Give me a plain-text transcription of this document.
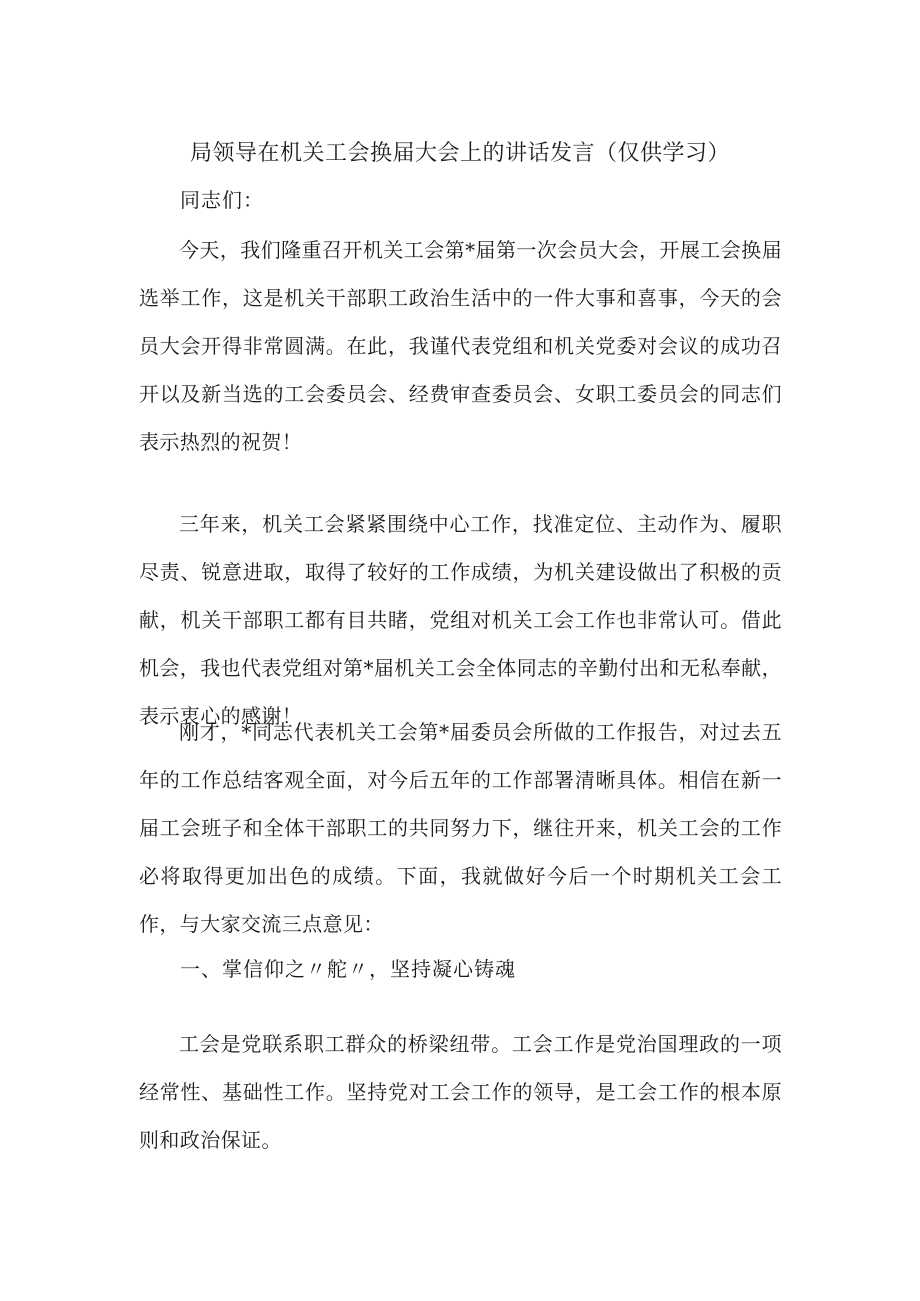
局领导在机关工会换届大会上的讲话发言（仅供学习）
同志们：

今天，我们隆重召开机关工会第*届第一次会员大会，开展工会换届选举工作，这是机关干部职工政治生活中的一件大事和喜事，今天的会员大会开得非常圆满。在此，我谨代表党组和机关党委对会议的成功召开以及新当选的工会委员会、经费审查委员会、女职工委员会的同志们表示热烈的祝贺！

三年来，机关工会紧紧围绕中心工作，找准定位、主动作为、履职尽责、锐意进取，取得了较好的工作成绩，为机关建设做出了积极的贡献，机关干部职工都有目共睹，党组对机关工会工作也非常认可。借此机会，我也代表党组对第*届机关工会全体同志的辛勤付出和无私奉献，表示衷心的感谢！

刚才，*同志代表机关工会第*届委员会所做的工作报告，对过去五年的工作总结客观全面，对今后五年的工作部署清晰具体。相信在新一届工会班子和全体干部职工的共同努力下，继往开来，机关工会的工作必将取得更加出色的成绩。下面，我就做好今后一个时期机关工会工作，与大家交流三点意见：

一、掌信仰之〃舵〃，坚持凝心铸魂

工会是党联系职工群众的桥梁纽带。工会工作是党治国理政的一项经常性、基础性工作。坚持党对工会工作的领导，是工会工作的根本原则和政治保证。
